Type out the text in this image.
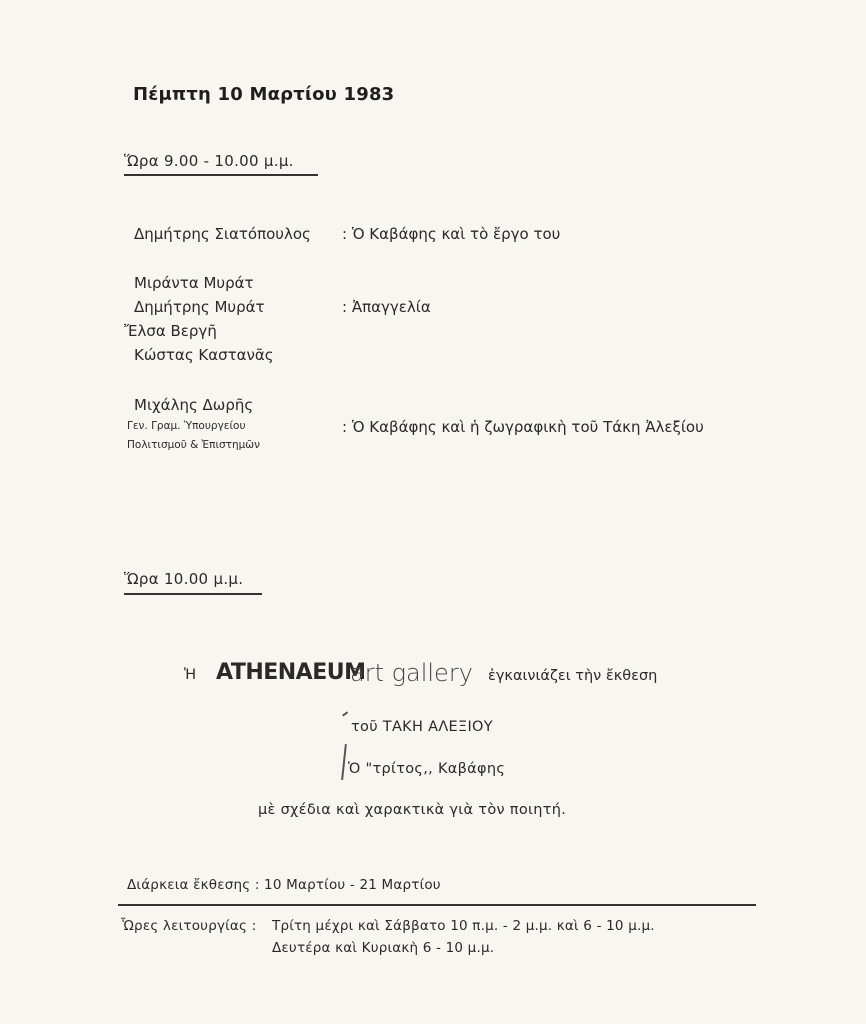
Πέμπτη 10 Μαρτίου 1983
Ὥρα 9.00 - 10.00 μ.μ.
Δημήτρης Σιατόπουλος : Ὁ Καβάφης καὶ τὸ ἔργο του
Μιράντα Μυράτ
Δημήτρης Μυράτ
Ἔλσα Βεργῆ
Κώστας Καστανᾶς
: Ἀπαγγελία
Μιχάλης Δωρῆς
Γεν. Γραμ. Ὑπουργείου
Πολιτισμοῦ & Ἐπιστημῶν
: Ὁ Καβάφης καὶ ἡ ζωγραφικὴ τοῦ Τάκη Ἀλεξίου
Ὥρα 10.00 μ.μ.
Ἡ ATHENAEUM
art gallery ἐγκαινιάζει τὴν ἔκθεση
τοῦ ΤΑΚΗ ΑΛΕΞΙΟΥ
Ὁ "τρίτος,, Καβάφης
μὲ σχέδια καὶ χαρακτικὰ γιὰ τὸν ποιητή.
Διάρκεια ἔκθεσης : 10 Μαρτίου - 21 Μαρτίου
Ὧρες λειτουργίας : Τρίτη μέχρι καὶ Σάββατο 10 π.μ. - 2 μ.μ. καὶ 6 - 10 μ.μ.
Δευτέρα καὶ Κυριακὴ 6 - 10 μ.μ.
